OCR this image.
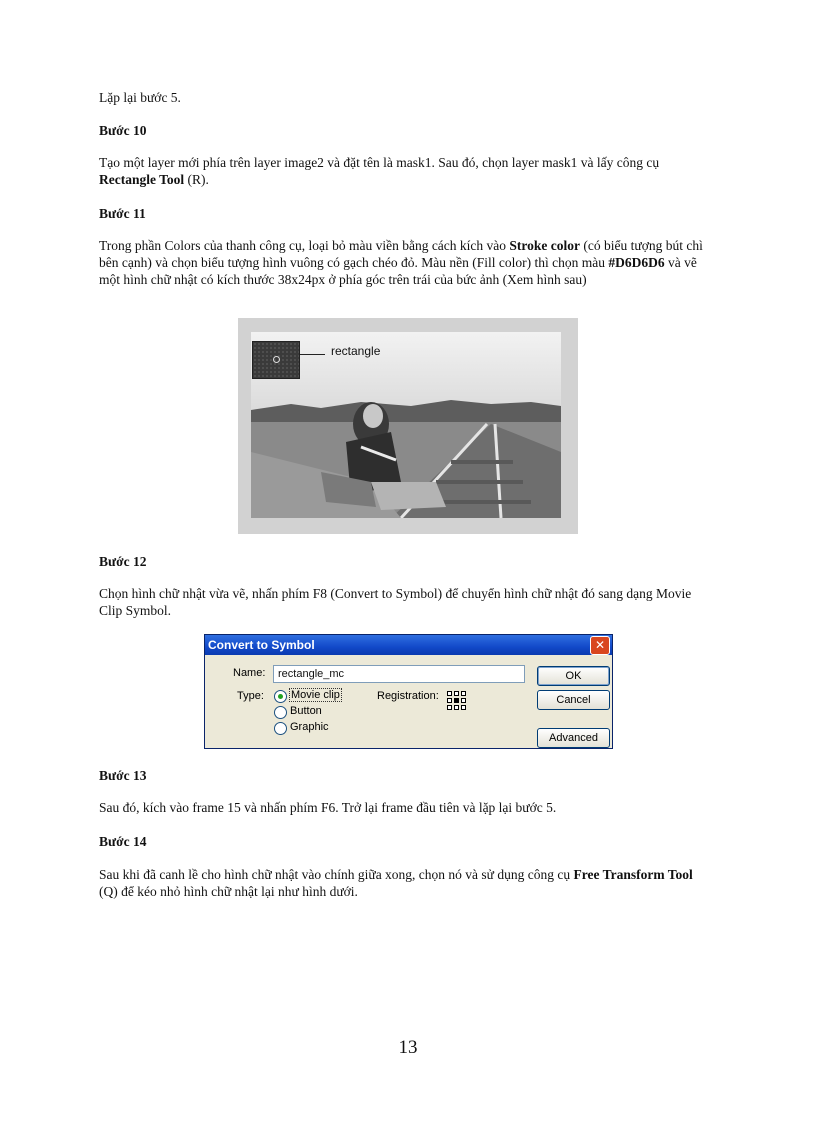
Lặp lại bước 5.

Bước 10

Tạo một layer mới phía trên layer image2 và đặt tên là mask1. Sau đó, chọn layer mask1 và lấy công cụ Rectangle Tool (R).

Bước 11

Trong phần Colors của thanh công cụ, loại bỏ màu viền bằng cách kích vào Stroke color (có biểu tượng bút chì bên cạnh) và chọn biểu tượng hình vuông có gạch chéo đỏ. Màu nền (Fill color) thì chọn màu #D6D6D6 và vẽ một hình chữ nhật có kích thước 38x24px ở phía góc trên trái của bức ảnh (Xem hình sau)

rectangle

Bước 12

Chọn hình chữ nhật vừa vẽ, nhấn phím F8 (Convert to Symbol) để chuyển hình chữ nhật đó sang dạng Movie Clip Symbol.

Convert to Symbol	✕
Name:	rectangle_mc
Type: Movie clip
Button
Graphic
Registration:
OK
Cancel
Advanced

Bước 13

Sau đó, kích vào frame 15 và nhấn phím F6. Trở lại frame đầu tiên và lặp lại bước 5.

Bước 14

Sau khi đã canh lề cho hình chữ nhật vào chính giữa xong, chọn nó và sử dụng công cụ Free Transform Tool (Q) để kéo nhỏ hình chữ nhật lại như hình dưới.

13
